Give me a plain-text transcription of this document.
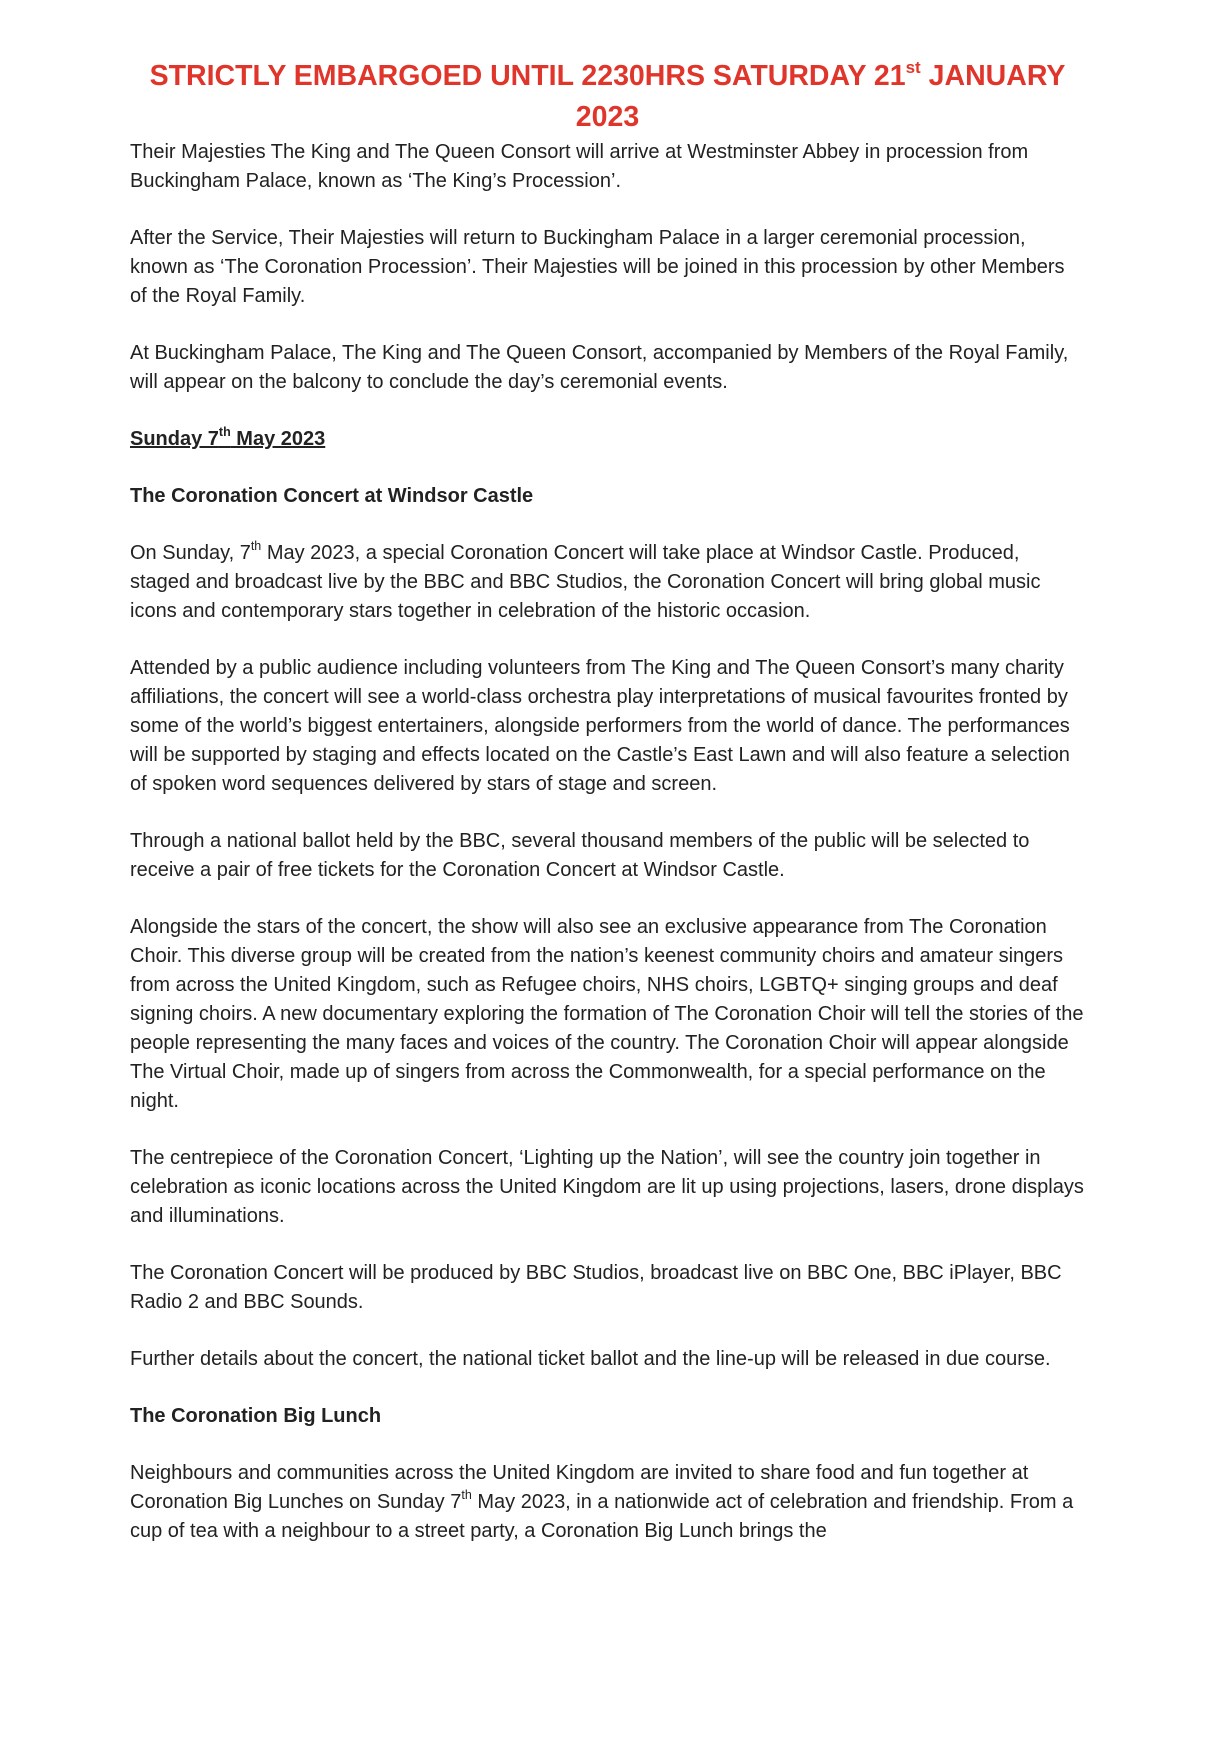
STRICTLY EMBARGOED UNTIL 2230HRS SATURDAY 21st JANUARY
2023

Their Majesties The King and The Queen Consort will arrive at Westminster Abbey in procession from Buckingham Palace, known as ‘The King’s Procession’.

After the Service, Their Majesties will return to Buckingham Palace in a larger ceremonial procession, known as ‘The Coronation Procession’. Their Majesties will be joined in this procession by other Members of the Royal Family.

At Buckingham Palace, The King and The Queen Consort, accompanied by Members of the Royal Family, will appear on the balcony to conclude the day’s ceremonial events.

Sunday 7th May 2023

The Coronation Concert at Windsor Castle

On Sunday, 7th May 2023, a special Coronation Concert will take place at Windsor Castle. Produced, staged and broadcast live by the BBC and BBC Studios, the Coronation Concert will bring global music icons and contemporary stars together in celebration of the historic occasion.

Attended by a public audience including volunteers from The King and The Queen Consort’s many charity affiliations, the concert will see a world-class orchestra play interpretations of musical favourites fronted by some of the world’s biggest entertainers, alongside performers from the world of dance. The performances will be supported by staging and effects located on the Castle’s East Lawn and will also feature a selection of spoken word sequences delivered by stars of stage and screen.

Through a national ballot held by the BBC, several thousand members of the public will be selected to receive a pair of free tickets for the Coronation Concert at Windsor Castle.

Alongside the stars of the concert, the show will also see an exclusive appearance from The Coronation Choir. This diverse group will be created from the nation’s keenest community choirs and amateur singers from across the United Kingdom, such as Refugee choirs, NHS choirs, LGBTQ+ singing groups and deaf signing choirs. A new documentary exploring the formation of The Coronation Choir will tell the stories of the people representing the many faces and voices of the country. The Coronation Choir will appear alongside The Virtual Choir, made up of singers from across the Commonwealth, for a special performance on the night.

The centrepiece of the Coronation Concert, ‘Lighting up the Nation’, will see the country join together in celebration as iconic locations across the United Kingdom are lit up using projections, lasers, drone displays and illuminations.

The Coronation Concert will be produced by BBC Studios, broadcast live on BBC One, BBC iPlayer, BBC Radio 2 and BBC Sounds.

Further details about the concert, the national ticket ballot and the line-up will be released in due course.

The Coronation Big Lunch

Neighbours and communities across the United Kingdom are invited to share food and fun together at Coronation Big Lunches on Sunday 7th May 2023, in a nationwide act of celebration and friendship. From a cup of tea with a neighbour to a street party, a Coronation Big Lunch brings the
